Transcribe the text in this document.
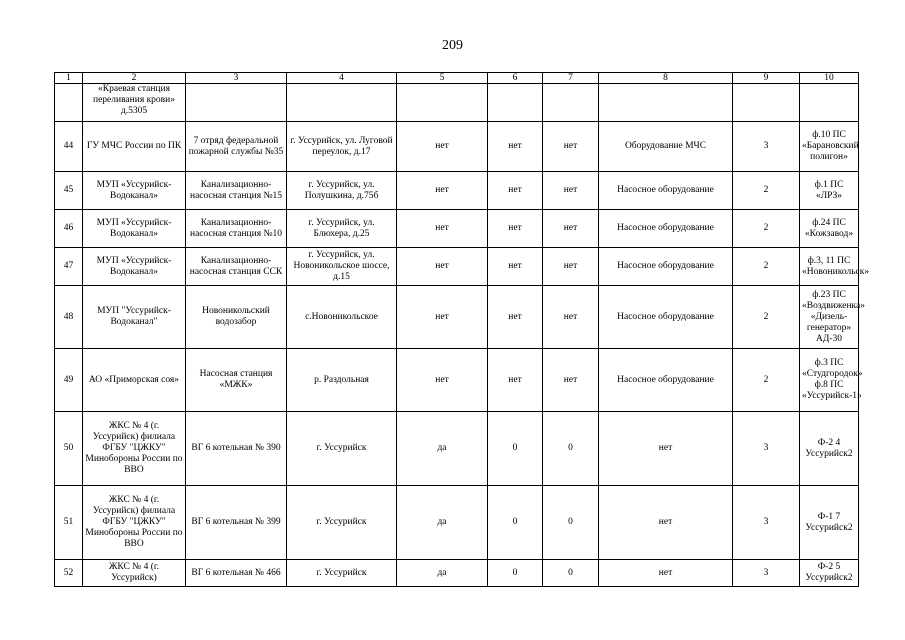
209
1	2	3	4	5	6	7	8	9	10
	«Краевая станция переливания крови» д.5305								
44	ГУ МЧС России по ПК	7 отряд федеральной пожарной службы №35	г. Уссурийск, ул. Луговой переулок, д.17	нет	нет	нет	Оборудование МЧС	3	ф.10 ПС «Барановский полигон»
45	МУП «Уссурийск-Водоканал»	Канализационно-насосная станция №15	г. Уссурийск, ул. Полушкина, д.75б	нет	нет	нет	Насосное оборудование	2	ф.1 ПС «ЛРЗ»
46	МУП «Уссурийск-Водоканал»	Канализационно-насосная станция №10	г. Уссурийск, ул. Блюхера, д.25	нет	нет	нет	Насосное оборудование	2	ф.24 ПС «Кожзавод»
47	МУП «Уссурийск-Водоканал»	Канализационно-насосная станция ССК	г. Уссурийск, ул. Новоникольское шоссе, д.15	нет	нет	нет	Насосное оборудование	2	ф.3, 11 ПС «Новоникольск»
48	МУП "Уссурийск-Водоканал"	Новоникольский водозабор	с.Новоникольское	нет	нет	нет	Насосное оборудование	2	ф.23 ПС «Воздвиженка» «Дизель-генератор» АД-30
49	АО «Приморская соя»	Насосная станция «МЖК»	р. Раздольная	нет	нет	нет	Насосное оборудование	2	ф.3 ПС «Студгородок» ф.8 ПС «Уссурийск-1»
50	ЖКС № 4 (г. Уссурийск) филиала ФГБУ "ЦЖКУ" Минобороны России по ВВО	ВГ 6 котельная № 390	г. Уссурийск	да	0	0	нет	3	Ф-2 4 Уссурийск2
51	ЖКС № 4 (г. Уссурийск) филиала ФГБУ "ЦЖКУ" Минобороны России по ВВО	ВГ 6 котельная № 399	г. Уссурийск	да	0	0	нет	3	Ф-1 7 Уссурийск2
52	ЖКС № 4 (г. Уссурийск)	ВГ 6 котельная № 466	г. Уссурийск	да	0	0	нет	3	Ф-2 5 Уссурийск2
